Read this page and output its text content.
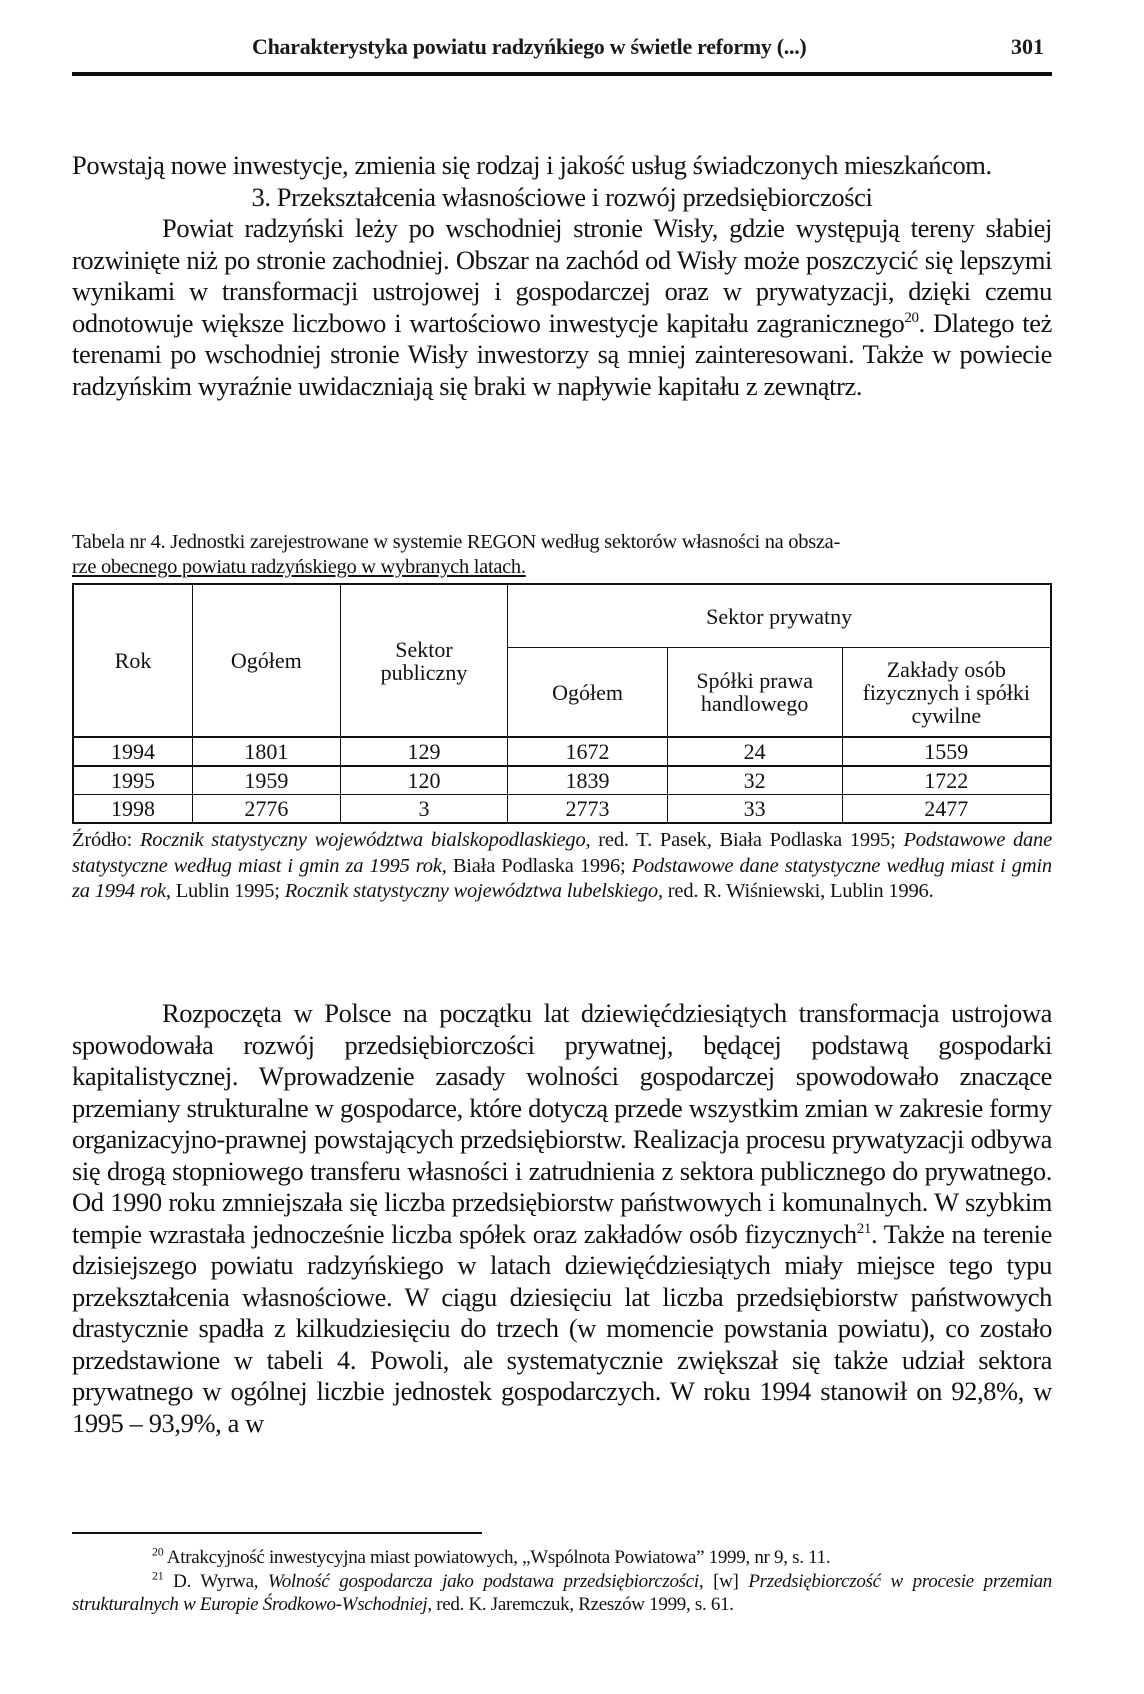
Charakterystyka powiatu radzyńkiego w świetle reformy (...)	301

Powstają nowe inwestycje, zmienia się rodzaj i jakość usług świadczonych mieszkańcom.

3. Przekształcenia własnościowe i rozwój przedsiębiorczości

Powiat radzyński leży po wschodniej stronie Wisły, gdzie występują tereny słabiej rozwinięte niż po stronie zachodniej. Obszar na zachód od Wisły może poszczycić się lepszymi wynikami w transformacji ustrojowej i gospodarczej oraz w prywatyzacji, dzięki czemu odnotowuje większe liczbowo i wartościowo inwestycje kapitału zagranicznego$^{20}$. Dlatego też terenami po wschodniej stronie Wisły inwestorzy są mniej zainteresowani. Także w powiecie radzyńskim wyraźnie uwidaczniają się braki w napływie kapitału z zewnątrz.

Tabela nr 4. Jednostki zarejestrowane w systemie REGON według sektorów własności na obsza-
rze obecnego powiatu radzyńskiego w wybranych latach.
Rok	Ogółem	Sektor publiczny	Sektor prywatny		
			Ogółem	Spółki prawa handlowego	Zakłady osób fizycznych i spółki cywilne
1994	1801	129	1672	24	1559
1995	1959	120	1839	32	1722
1998	2776	3	2773	33	2477
Źródło: Rocznik statystyczny województwa bialskopodlaskiego, red. T. Pasek, Biała Podlaska 1995; Podstawowe dane statystyczne według miast i gmin za 1995 rok, Biała Podlaska 1996; Podstawowe dane statystyczne według miast i gmin za 1994 rok, Lublin 1995; Rocznik statystyczny województwa lubelskiego, red. R. Wiśniewski, Lublin 1996.

Rozpoczęta w Polsce na początku lat dziewięćdziesiątych transformacja ustrojowa spowodowała rozwój przedsiębiorczości prywatnej, będącej podstawą gospodarki kapitalistycznej. Wprowadzenie zasady wolności gospodarczej spowodowało znaczące przemiany strukturalne w gospodarce, które dotyczą przede wszystkim zmian w zakresie formy organizacyjno-prawnej powstających przedsiębiorstw. Realizacja procesu prywatyzacji odbywa się drogą stopniowego transferu własności i zatrudnienia z sektora publicznego do prywatnego. Od 1990 roku zmniejszała się liczba przedsiębiorstw państwowych i komunalnych. W szybkim tempie wzrastała jednocześnie liczba spółek oraz zakładów osób fizycznych$^{21}$. Także na terenie dzisiejszego powiatu radzyńskiego w latach dziewięćdziesiątych miały miejsce tego typu przekształcenia własnościowe. W ciągu dziesięciu lat liczba przedsiębiorstw państwowych drastycznie spadła z kilkudziesięciu do trzech (w momencie powstania powiatu), co zostało przedstawione w tabeli 4. Powoli, ale systematycznie zwiększał się także udział sektora prywatnego w ogólnej liczbie jednostek gospodarczych. W roku 1994 stanowił on 92,8%, w 1995 – 93,9%, a w

$^{20}$ Atrakcyjność inwestycyjna miast powiatowych, „Wspólnota Powiatowa” 1999, nr 9, s. 11.

$^{21}$ D. Wyrwa, Wolność gospodarcza jako podstawa przedsiębiorczości, [w] Przedsiębiorczość w procesie przemian strukturalnych w Europie Środkowo-Wschodniej, red. K. Jaremczuk, Rzeszów 1999, s. 61.
